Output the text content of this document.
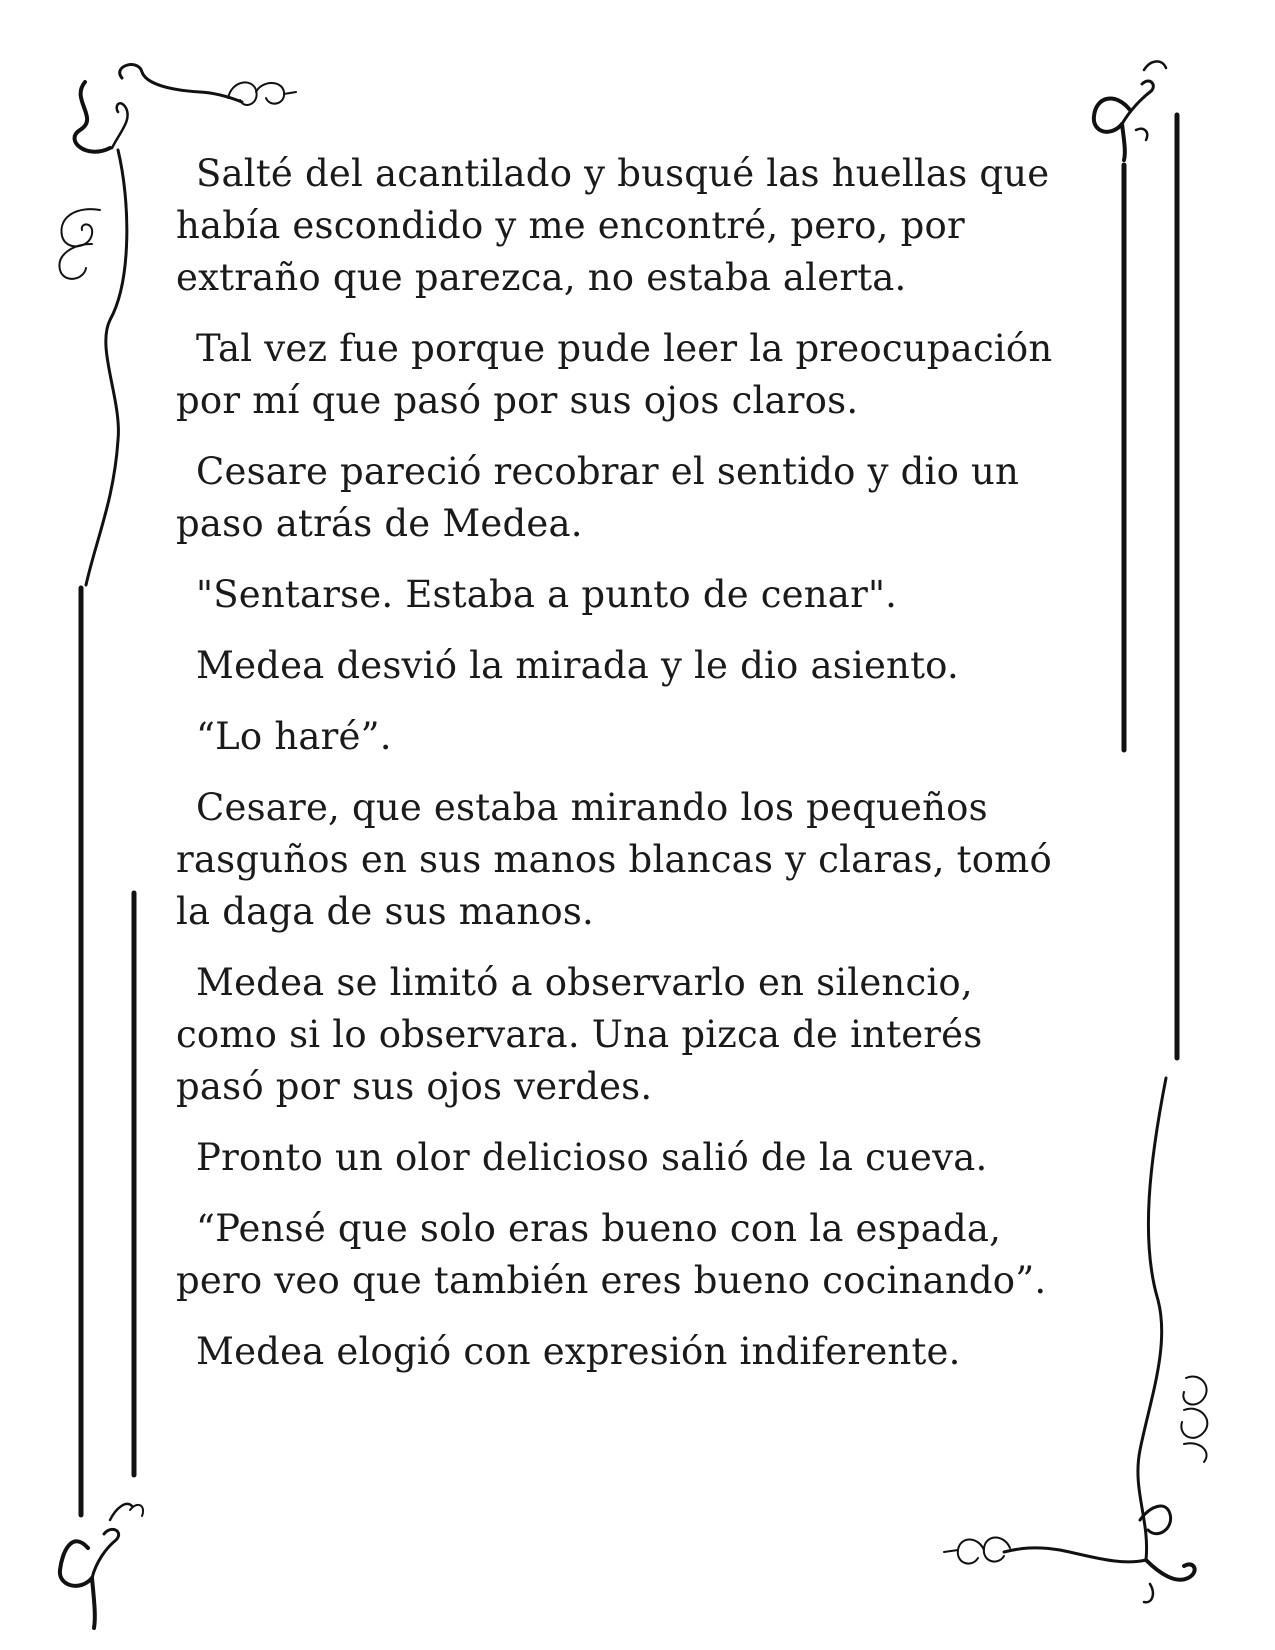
Salté del acantilado y busqué las huellas que había escondido y me encontré, pero, por extraño que parezca, no estaba alerta.

Tal vez fue porque pude leer la preocupación por mí que pasó por sus ojos claros.

Cesare pareció recobrar el sentido y dio un paso atrás de Medea.

"Sentarse. Estaba a punto de cenar".

Medea desvió la mirada y le dio asiento.

“Lo haré”.

Cesare, que estaba mirando los pequeños rasguños en sus manos blancas y claras, tomó la daga de sus manos.

Medea se limitó a observarlo en silencio, como si lo observara. Una pizca de interés pasó por sus ojos verdes.

Pronto un olor delicioso salió de la cueva.

“Pensé que solo eras bueno con la espada, pero veo que también eres bueno cocinando”.

Medea elogió con expresión indiferente.
